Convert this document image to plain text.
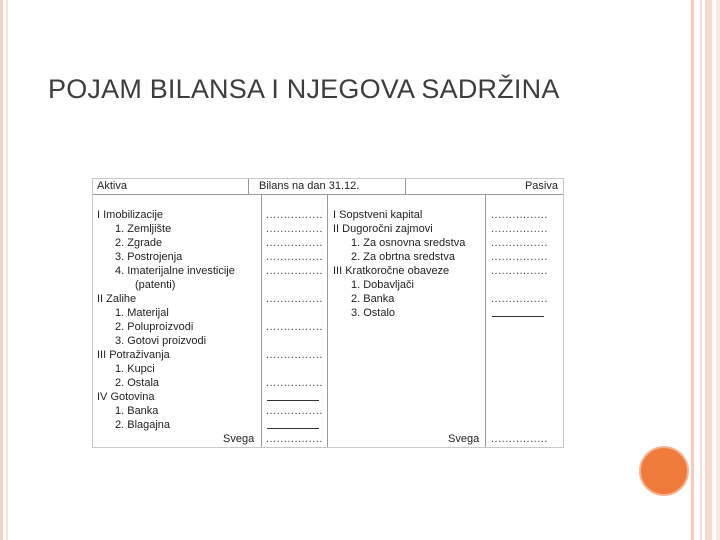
POJAM BILANSA I NJEGOVA SADRŽINA
Aktiva	Bilans na dan 31.12.	Pasiva
I Imobilizacije
1. Zemljište
2. Zgrade
3. Postrojenja
4. Imaterijalne investicije
(patenti)
II Zalihe
1. Materijal
2. Poluproizvodi
3. Gotovi proizvodi
III Potraživanja
1. Kupci
2. Ostala
IV Gotovina
1. Banka
2. Blagajna
Svega
................
................
................
................
................
................
................
................
................
................
................
I Sopstveni kapital
II Dugoročni zajmovi
1. Za osnovna sredstva
2. Za obrtna sredstva
III Kratkoročne obaveze
1. Dobavljači
2. Banka
3. Ostalo
Svega
................
................
................
................
................
................
................
